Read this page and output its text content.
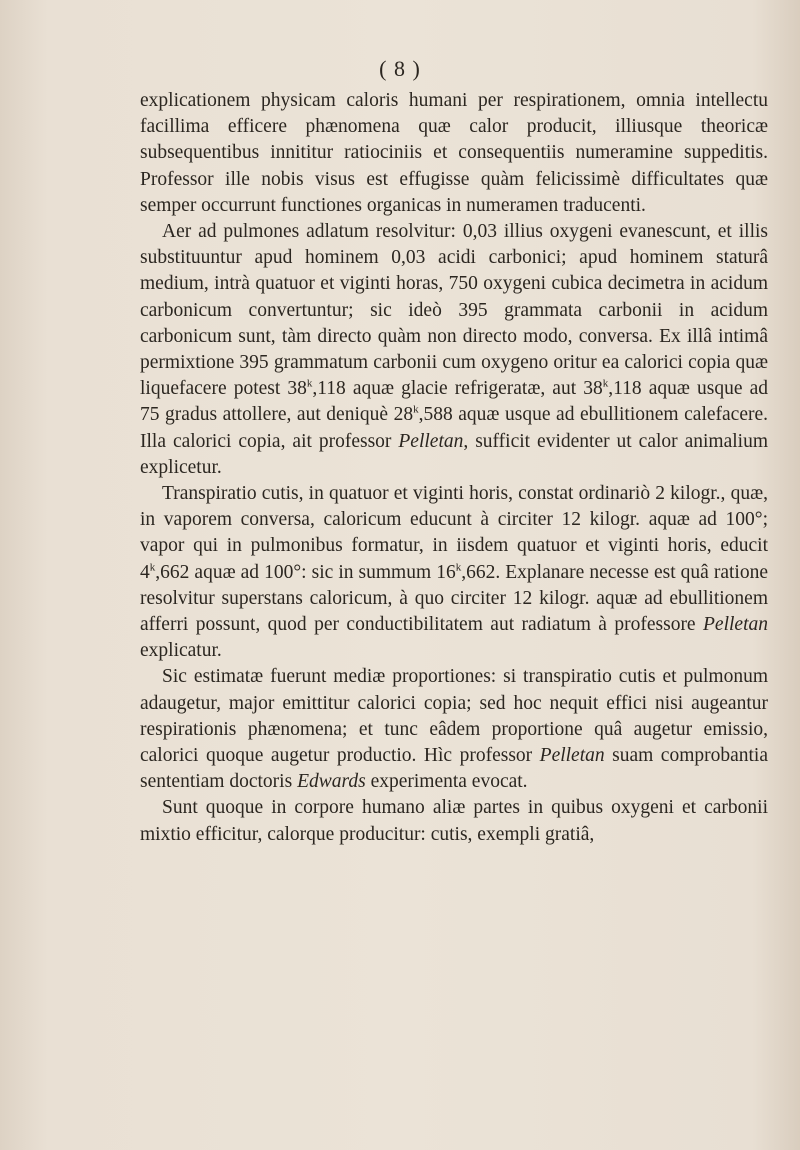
( 8 )

explicationem physicam caloris humani per respirationem, omnia intellectu facillima efficere phænomena quæ calor producit, illiusque theoricæ subsequentibus innititur ratiociniis et consequentiis numeramine suppeditis. Professor ille nobis visus est effugisse quàm felicissimè difficultates quæ semper occurrunt functiones organicas in numeramen traducenti.

Aer ad pulmones adlatum resolvitur: 0,03 illius oxygeni evanescunt, et illis substituuntur apud hominem 0,03 acidi carbonici; apud hominem staturâ medium, intrà quatuor et viginti horas, 750 oxygeni cubica decimetra in acidum carbonicum convertuntur; sic ideò 395 grammata carbonii in acidum carbonicum sunt, tàm directo quàm non directo modo, conversa. Ex illâ intimâ permixtione 395 grammatum carbonii cum oxygeno oritur ea calorici copia quæ liquefacere potest 38$^k$,118 aquæ glacie refrigeratæ, aut 38$^k$,118 aquæ usque ad 75 gradus attollere, aut deniquè 28$^k$,588 aquæ usque ad ebullitionem calefacere. Illa calorici copia, ait professor Pelletan, sufficit evidenter ut calor animalium explicetur.

Transpiratio cutis, in quatuor et viginti horis, constat ordinariò 2 kilogr., quæ, in vaporem conversa, caloricum educunt à circiter 12 kilogr. aquæ ad 100°; vapor qui in pulmonibus formatur, in iisdem quatuor et viginti horis, educit 4$^k$,662 aquæ ad 100°: sic in summum 16$^k$,662. Explanare necesse est quâ ratione resolvitur superstans caloricum, à quo circiter 12 kilogr. aquæ ad ebullitionem afferri possunt, quod per conductibilitatem aut radiatum à professore Pelletan explicatur.

Sic estimatæ fuerunt mediæ proportiones: si transpiratio cutis et pulmonum adaugetur, major emittitur calorici copia; sed hoc nequit effici nisi augeantur respirationis phænomena; et tunc eâdem proportione quâ augetur emissio, calorici quoque augetur productio. Hìc professor Pelletan suam comprobantia sententiam doctoris Edwards experimenta evocat.

Sunt quoque in corpore humano aliæ partes in quibus oxygeni et carbonii mixtio efficitur, calorque producitur: cutis, exempli gratiâ,
